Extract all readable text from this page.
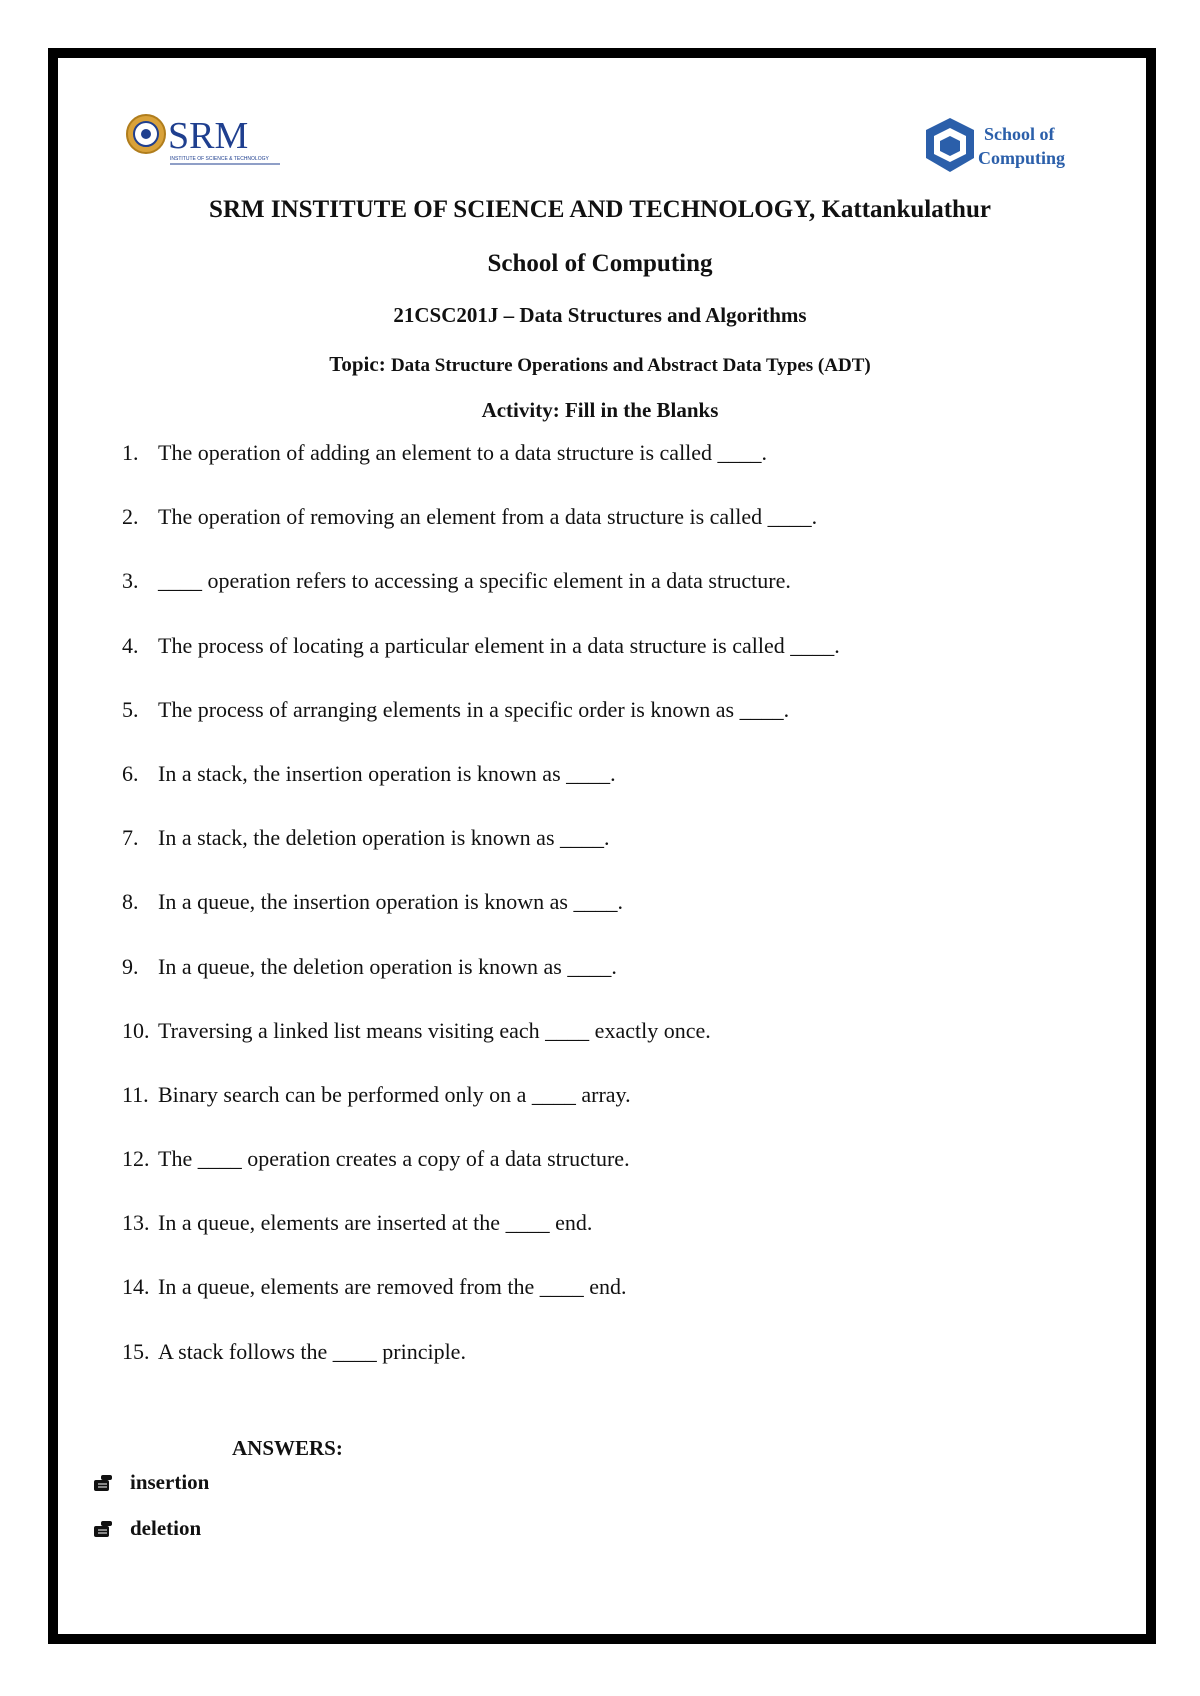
SRM
INSTITUTE OF SCIENCE & TECHNOLOGY
School of
Computing
SRM INSTITUTE OF SCIENCE AND TECHNOLOGY, Kattankulathur
School of Computing
21CSC201J – Data Structures and Algorithms
Topic: Data Structure Operations and Abstract Data Types (ADT)
Activity: Fill in the Blanks
1. The operation of adding an element to a data structure is called ____.
2. The operation of removing an element from a data structure is called ____.
3. ____ operation refers to accessing a specific element in a data structure.
4. The process of locating a particular element in a data structure is called ____.
5. The process of arranging elements in a specific order is known as ____.
6. In a stack, the insertion operation is known as ____.
7. In a stack, the deletion operation is known as ____.
8. In a queue, the insertion operation is known as ____.
9. In a queue, the deletion operation is known as ____.
10. Traversing a linked list means visiting each ____ exactly once.
11. Binary search can be performed only on a ____ array.
12. The ____ operation creates a copy of a data structure.
13. In a queue, elements are inserted at the ____ end.
14. In a queue, elements are removed from the ____ end.
15. A stack follows the ____ principle.
ANSWERS:
insertion
deletion
